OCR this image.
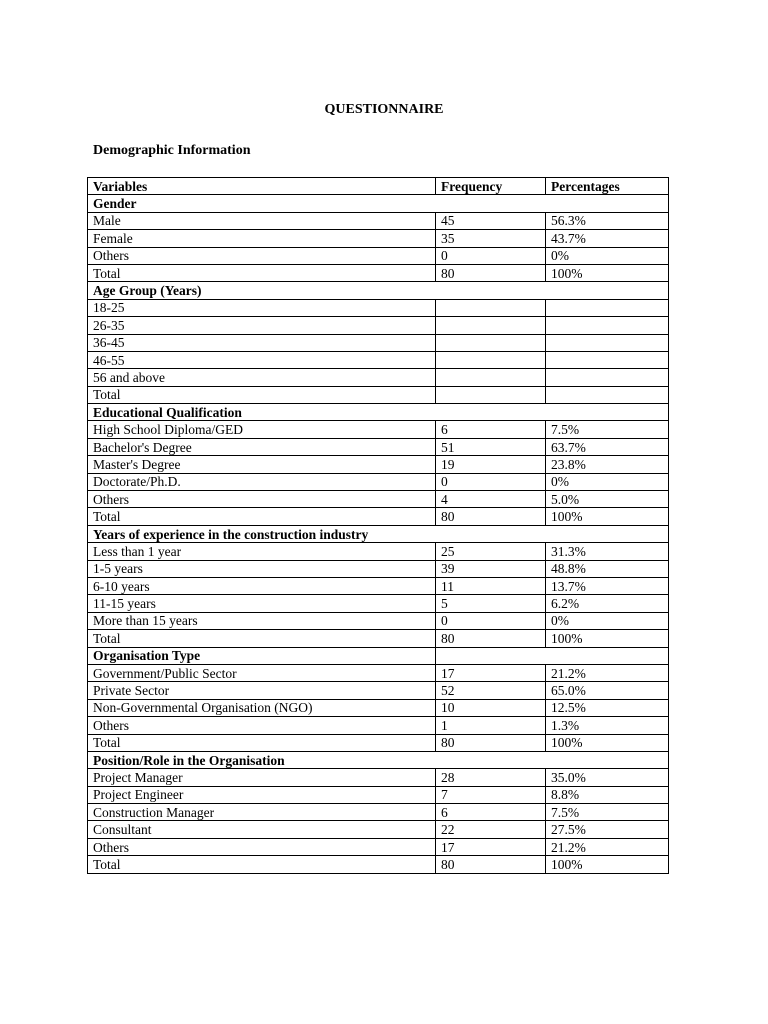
QUESTIONNAIRE
Demographic Information
Variables	Frequency	Percentages
Gender		
Male	45	56.3%
Female	35	43.7%
Others	0	0%
Total	80	100%
Age Group (Years)		
18-25		
26-35		
36-45		
46-55		
56 and above		
Total		
Educational Qualification		
High School Diploma/GED	6	7.5%
Bachelor's Degree	51	63.7%
Master's Degree	19	23.8%
Doctorate/Ph.D.	0	0%
Others	4	5.0%
Total	80	100%
Years of experience in the construction industry		
Less than 1 year	25	31.3%
1-5 years	39	48.8%
6-10 years	11	13.7%
11-15 years	5	6.2%
More than 15 years	0	0%
Total	80	100%
Organisation Type		
Government/Public Sector	17	21.2%
Private Sector	52	65.0%
Non-Governmental Organisation (NGO)	10	12.5%
Others	1	1.3%
Total	80	100%
Position/Role in the Organisation		
Project Manager	28	35.0%
Project Engineer	7	8.8%
Construction Manager	6	7.5%
Consultant	22	27.5%
Others	17	21.2%
Total	80	100%
